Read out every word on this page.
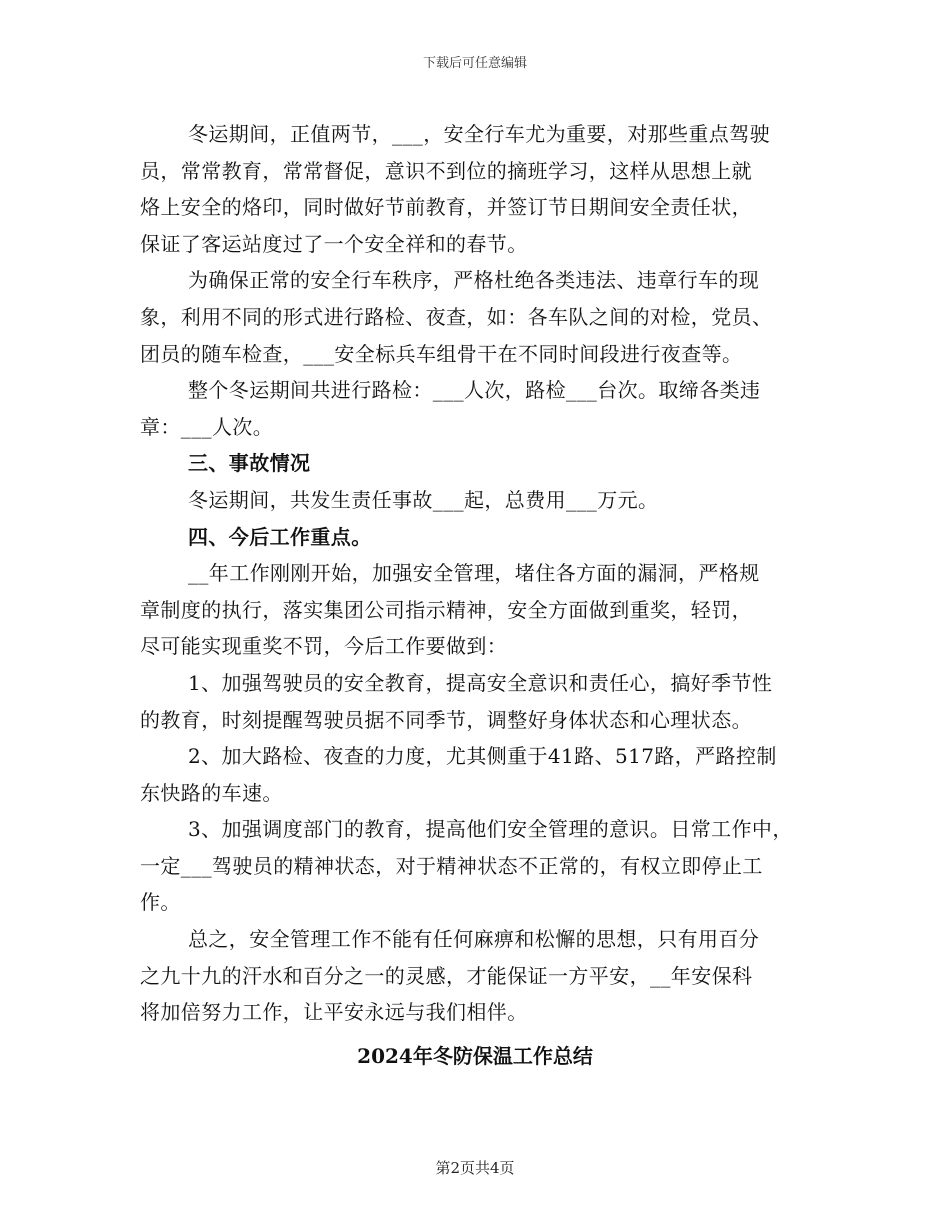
下载后可任意编辑
冬运期间，正值两节，___，安全行车尤为重要，对那些重点驾驶
员，常常教育，常常督促，意识不到位的摘班学习，这样从思想上就
烙上安全的烙印，同时做好节前教育，并签订节日期间安全责任状，
保证了客运站度过了一个安全祥和的春节。
为确保正常的安全行车秩序，严格杜绝各类违法、违章行车的现
象，利用不同的形式进行路检、夜查，如：各车队之间的对检，党员、
团员的随车检查，___安全标兵车组骨干在不同时间段进行夜查等。
整个冬运期间共进行路检：___人次，路检___台次。取缔各类违
章：___人次。
三、事故情况
冬运期间，共发生责任事故___起，总费用___万元。
四、今后工作重点。
__年工作刚刚开始，加强安全管理，堵住各方面的漏洞，严格规
章制度的执行，落实集团公司指示精神，安全方面做到重奖，轻罚，
尽可能实现重奖不罚，今后工作要做到：
1、加强驾驶员的安全教育，提高安全意识和责任心，搞好季节性
的教育，时刻提醒驾驶员据不同季节，调整好身体状态和心理状态。
2、加大路检、夜查的力度，尤其侧重于41路、517路，严路控制
东快路的车速。
3、加强调度部门的教育，提高他们安全管理的意识。日常工作中，
一定___驾驶员的精神状态，对于精神状态不正常的，有权立即停止工
作。
总之，安全管理工作不能有任何麻痹和松懈的思想，只有用百分
之九十九的汗水和百分之一的灵感，才能保证一方平安，__年安保科
将加倍努力工作，让平安永远与我们相伴。
2024年冬防保温工作总结
第2页共4页
